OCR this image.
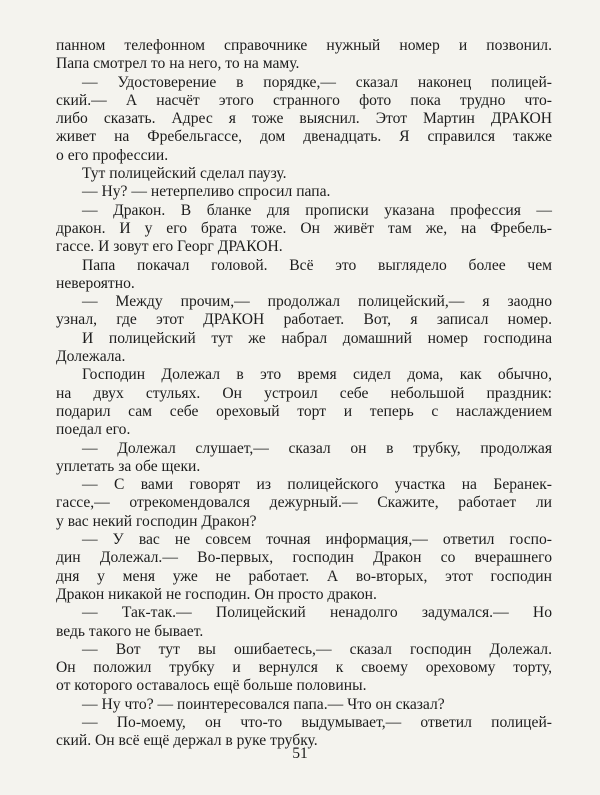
панном телефонном справочнике нужный номер и позвонил.
Папа смотрел то на него, то на маму.
— Удостоверение в порядке,— сказал наконец полицей-
ский.— А насчёт этого странного фото пока трудно что-
либо сказать. Адрес я тоже выяснил. Этот Мартин ДРАКОН
живет на Фребельгассе, дом двенадцать. Я справился также
о его профессии.
Тут полицейский сделал паузу.
— Ну? — нетерпеливо спросил папа.
— Дракон. В бланке для прописки указана профессия —
дракон. И у его брата тоже. Он живёт там же, на Фребель-
гассе. И зовут его Георг ДРАКОН.
Папа покачал головой. Всё это выглядело более чем
невероятно.
— Между прочим,— продолжал полицейский,— я заодно
узнал, где этот ДРАКОН работает. Вот, я записал номер.
И полицейский тут же набрал домашний номер господина
Долежала.
Господин Долежал в это время сидел дома, как обычно,
на двух стульях. Он устроил себе небольшой праздник:
подарил сам себе ореховый торт и теперь с наслаждением
поедал его.
— Долежал слушает,— сказал он в трубку, продолжая
уплетать за обе щеки.
— С вами говорят из полицейского участка на Беранек-
гассе,— отрекомендовался дежурный.— Скажите, работает ли
у вас некий господин Дракон?
— У вас не совсем точная информация,— ответил госпо-
дин Долежал.— Во-первых, господин Дракон со вчерашнего
дня у меня уже не работает. А во-вторых, этот господин
Дракон никакой не господин. Он просто дракон.
— Так-так.— Полицейский ненадолго задумался.— Но
ведь такого не бывает.
— Вот тут вы ошибаетесь,— сказал господин Долежал.
Он положил трубку и вернулся к своему ореховому торту,
от которого оставалось ещё больше половины.
— Ну что? — поинтересовался папа.— Что он сказал?
— По-моему, он что-то выдумывает,— ответил полицей-
ский. Он всё ещё держал в руке трубку.
51
